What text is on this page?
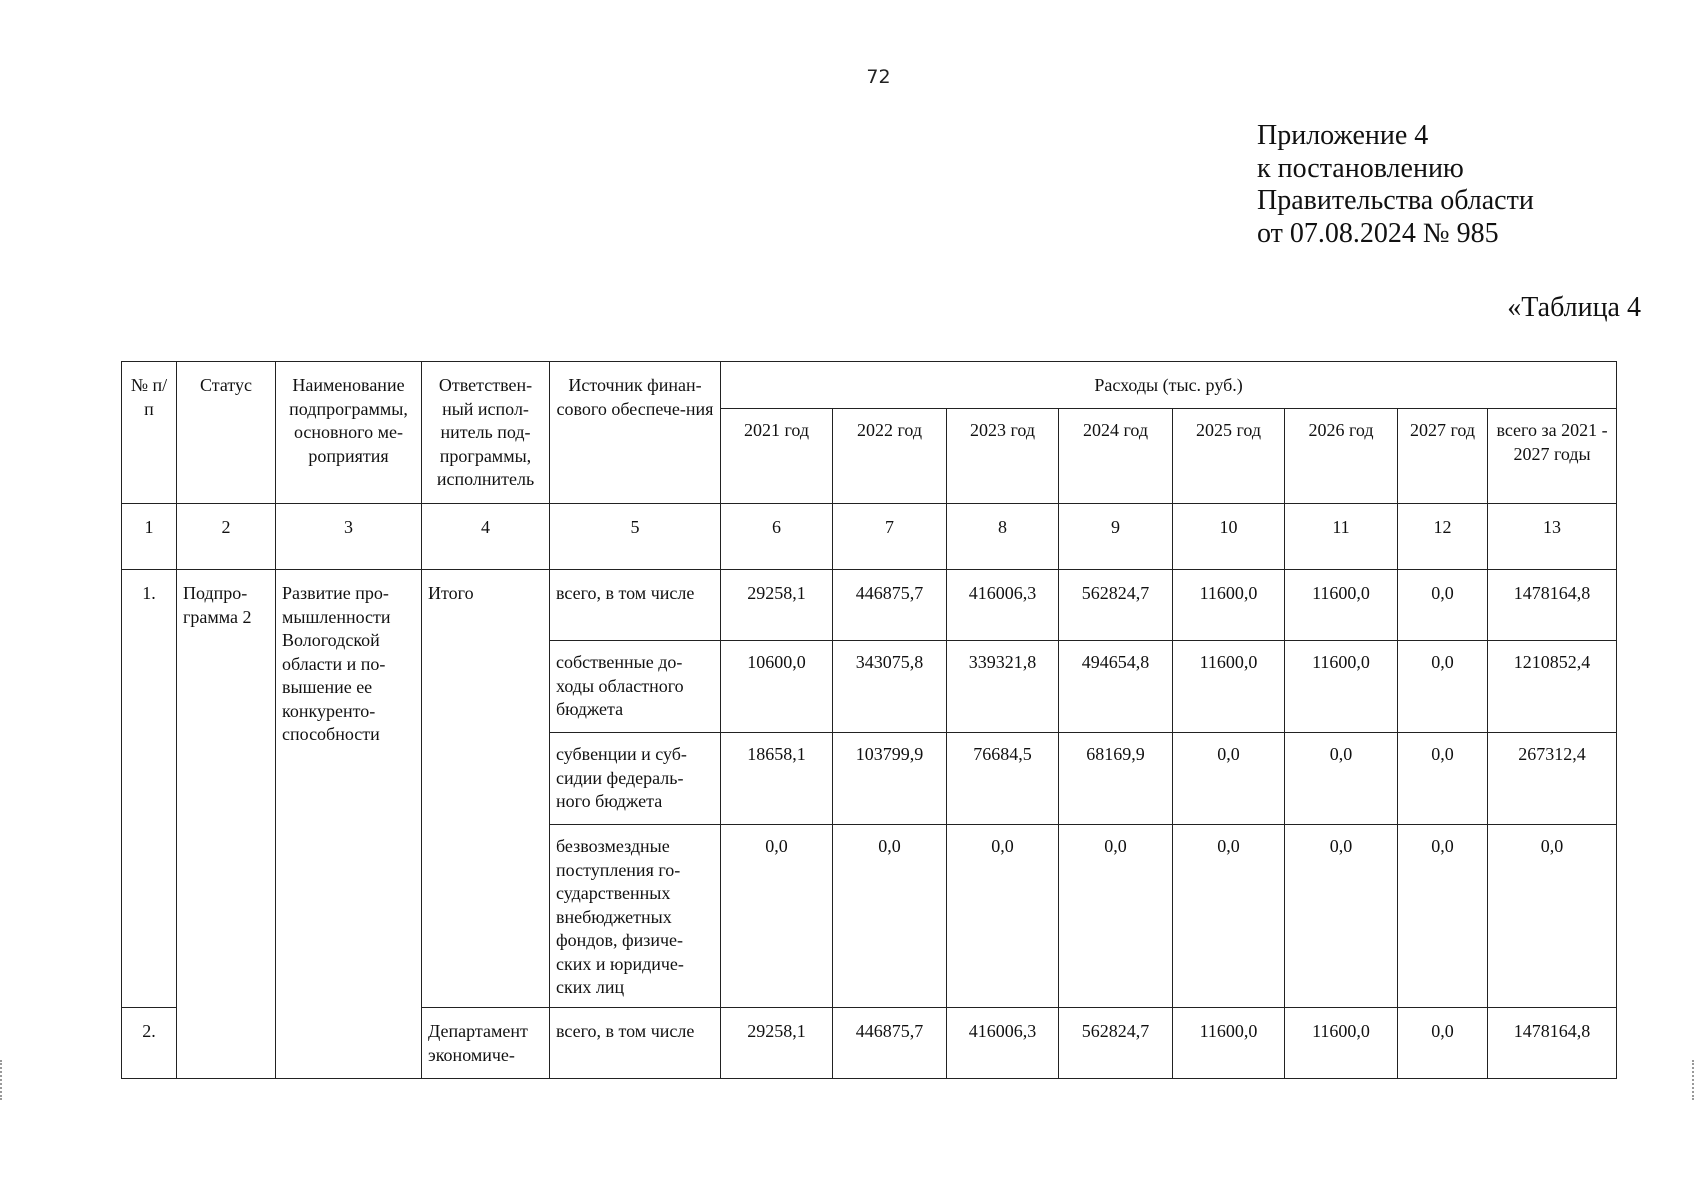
72
Приложение 4
к постановлению
Правительства области
от 07.08.2024 № 985
«Таблица 4
№ п/п	Статус	Наименование подпрограммы, основного ме-роприятия	Ответствен-ный испол-нитель под-программы, исполнитель	Источник финан-сового обеспече-ния	Расходы (тыс. руб.)							
					2021 год	2022 год	2023 год	2024 год	2025 год	2026 год	2027 год	всего за 2021 - 2027 годы
1	2	3	4	5	6	7	8	9	10	11	12	13
1.	Подпро-грамма 2	Развитие про-мышленности Вологодской области и по-вышение ее конкуренто-способности	Итого	всего, в том числе	29258,1	446875,7	416006,3	562824,7	11600,0	11600,0	0,0	1478164,8
				собственные до-ходы областного бюджета	10600,0	343075,8	339321,8	494654,8	11600,0	11600,0	0,0	1210852,4
				субвенции и суб-сидии федераль-ного бюджета	18658,1	103799,9	76684,5	68169,9	0,0	0,0	0,0	267312,4
				безвозмездные поступления го-сударственных внебюджетных фондов, физиче-ских и юридиче-ских лиц	0,0	0,0	0,0	0,0	0,0	0,0	0,0	0,0
2.			Департамент экономиче-	всего, в том числе	29258,1	446875,7	416006,3	562824,7	11600,0	11600,0	0,0	1478164,8
